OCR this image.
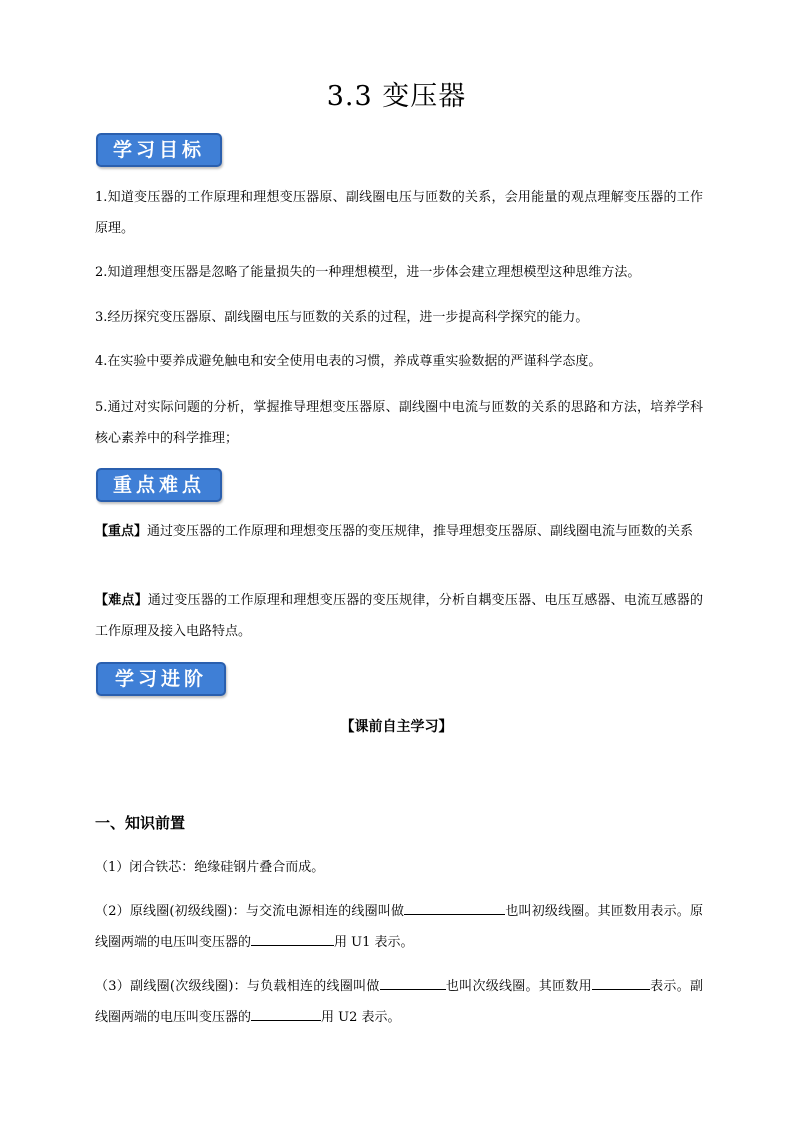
3.3 变压器
学习目标
1.知道变压器的工作原理和理想变压器原、副线圈电压与匝数的关系，会用能量的观点理解变压器的工作原理。
2.知道理想变压器是忽略了能量损失的一种理想模型，进一步体会建立理想模型这种思维方法。
3.经历探究变压器原、副线圈电压与匝数的关系的过程，进一步提高科学探究的能力。
4.在实验中要养成避免触电和安全使用电表的习惯，养成尊重实验数据的严谨科学态度。
5.通过对实际问题的分析，掌握推导理想变压器原、副线圈中电流与匝数的关系的思路和方法，培养学科核心素养中的科学推理；
重点难点
【重点】通过变压器的工作原理和理想变压器的变压规律，推导理想变压器原、副线圈电流与匝数的关系
【难点】通过变压器的工作原理和理想变压器的变压规律，分析自耦变压器、电压互感器、电流互感器的工作原理及接入电路特点。
学习进阶
【课前自主学习】
一、知识前置
（1）闭合铁芯：绝缘硅钢片叠合而成。
（2）原线圈(初级线圈)：与交流电源相连的线圈叫做	也叫初级线圈。其匝数用表示。原线圈两端的电压叫变压器的	用 U1 表示。
（3）副线圈(次级线圈)：与负载相连的线圈叫做	也叫次级线圈。其匝数用	表示。副线圈两端的电压叫变压器的	用 U2 表示。
